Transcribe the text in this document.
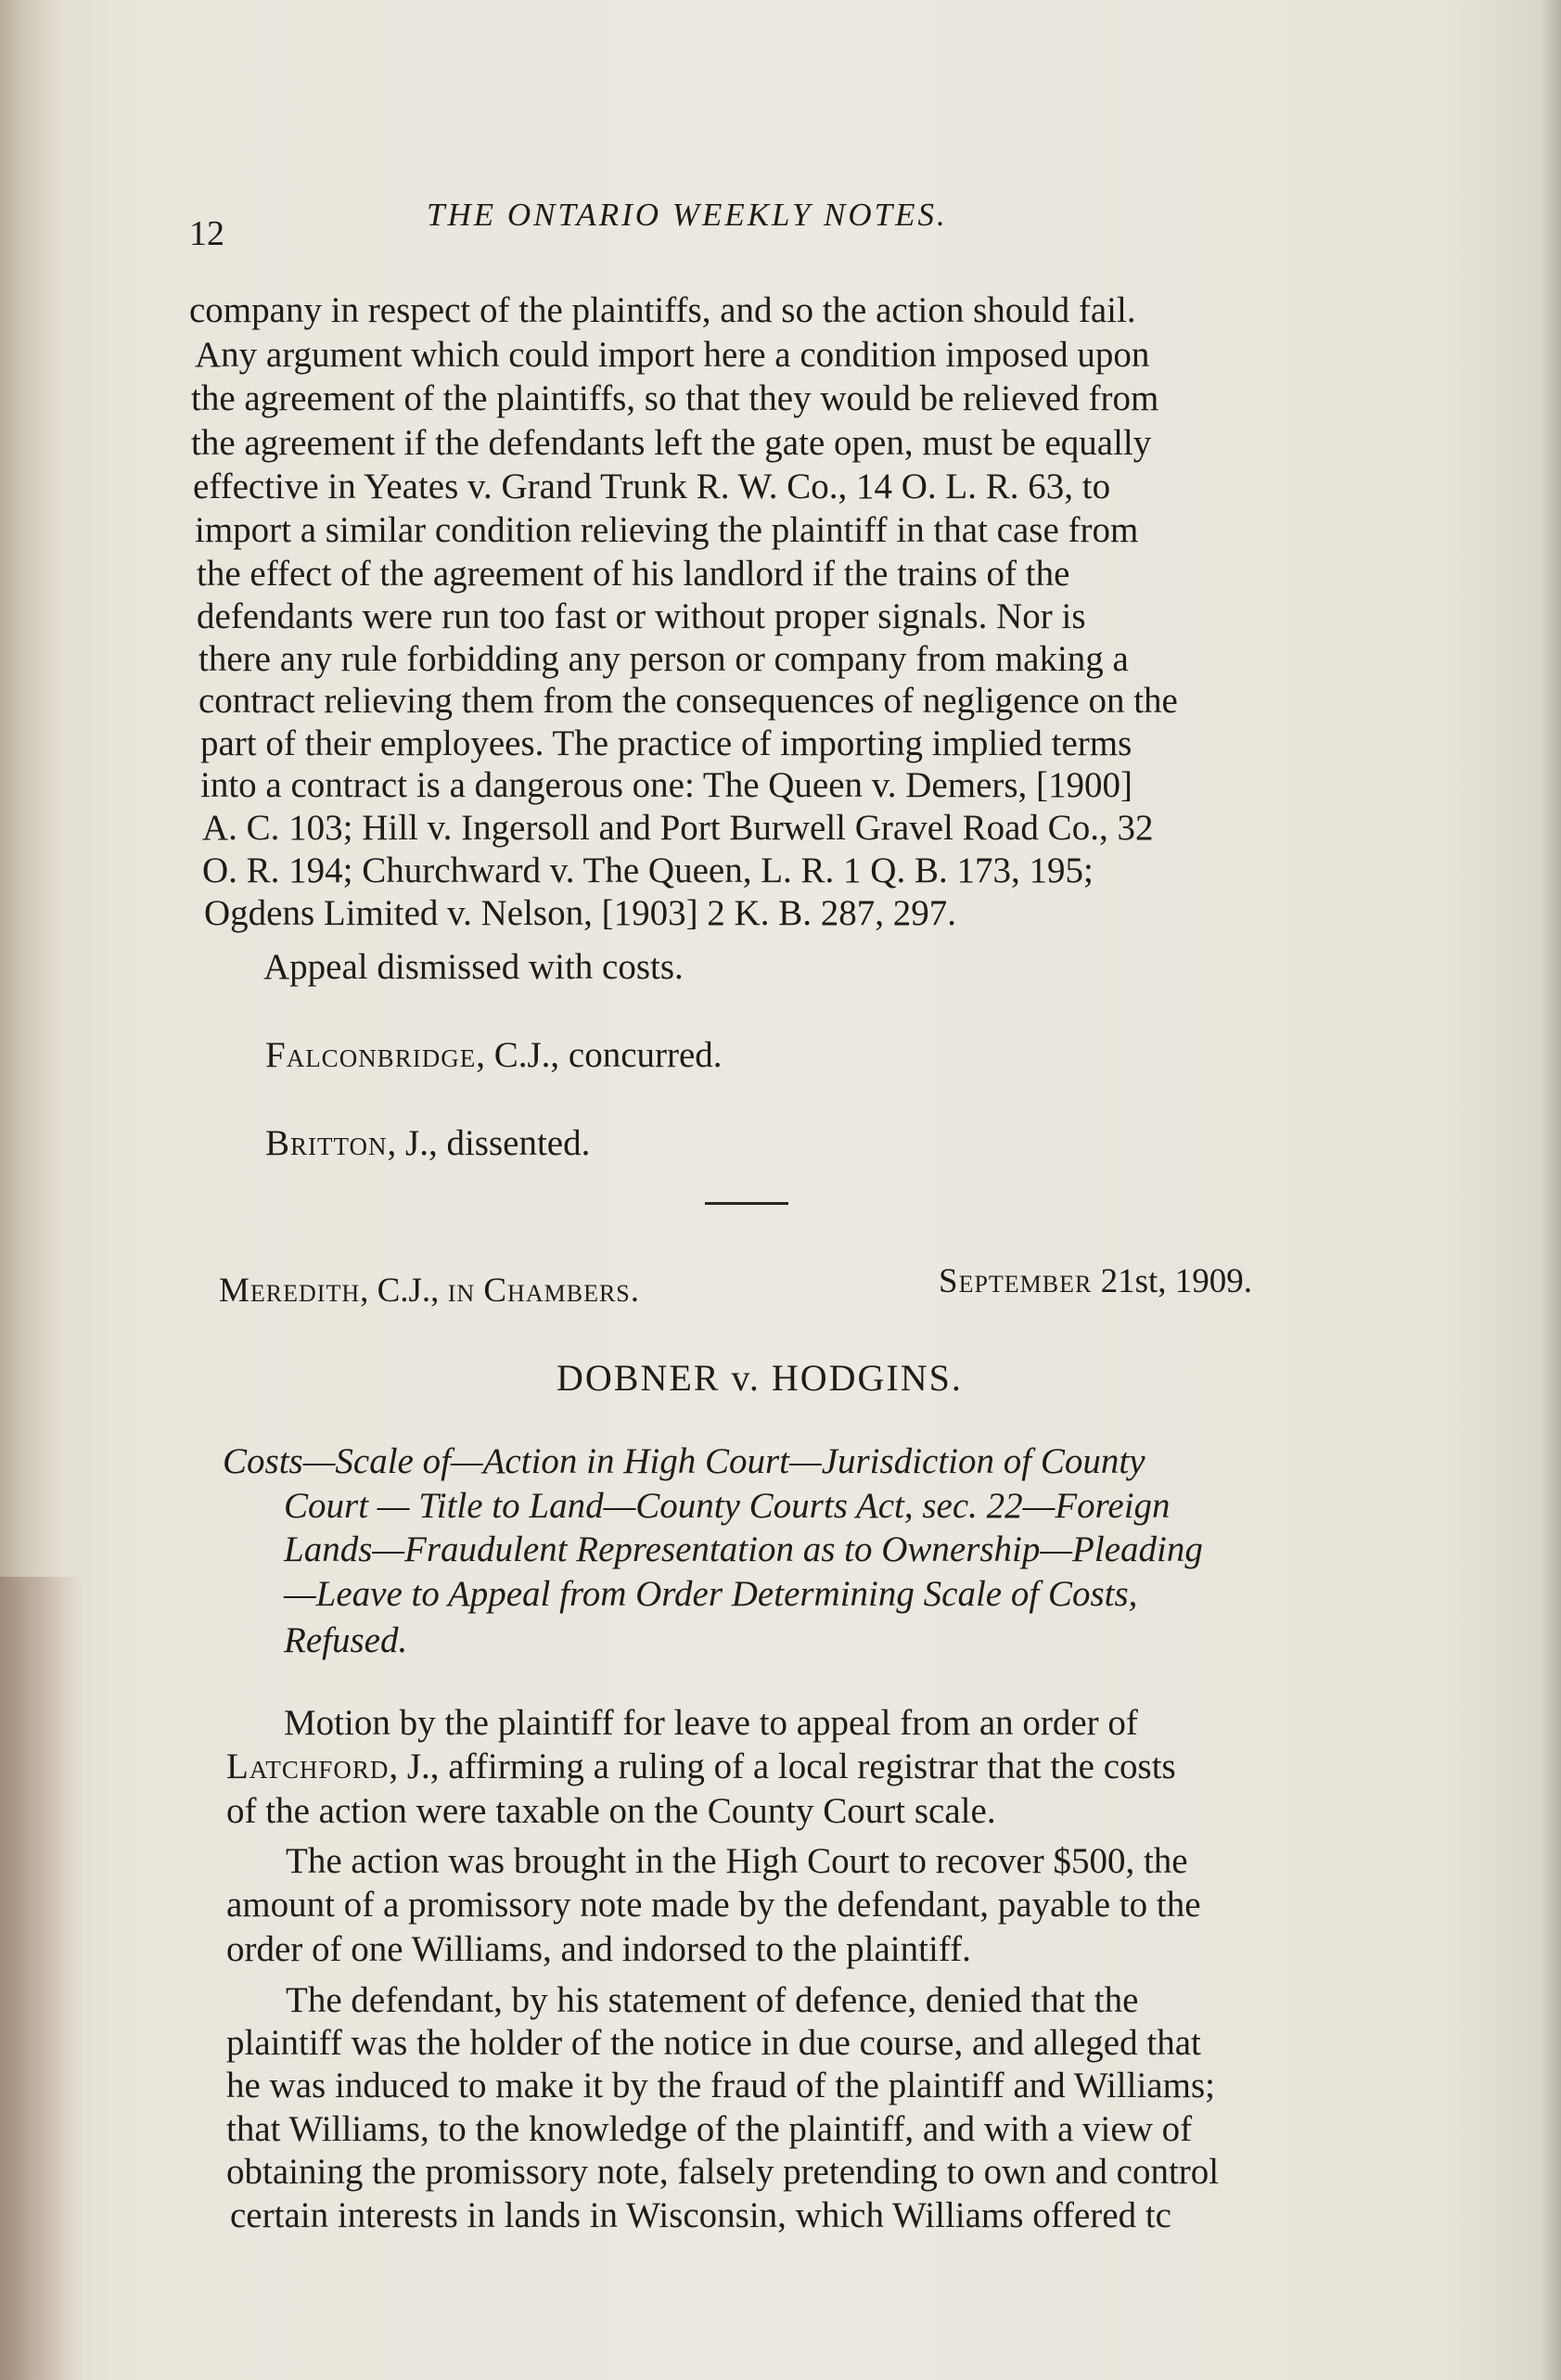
12	THE ONTARIO WEEKLY NOTES.
company in respect of the plaintiffs, and so the action should fail.
Any argument which could import here a condition imposed upon
the agreement of the plaintiffs, so that they would be relieved from
the agreement if the defendants left the gate open, must be equally
effective in Yeates v. Grand Trunk R. W. Co., 14 O. L. R. 63, to
import a similar condition relieving the plaintiff in that case from
the effect of the agreement of his landlord if the trains of the
defendants were run too fast or without proper signals. Nor is
there any rule forbidding any person or company from making a
contract relieving them from the consequences of negligence on the
part of their employees. The practice of importing implied terms
into a contract is a dangerous one: The Queen v. Demers, [1900]
A. C. 103; Hill v. Ingersoll and Port Burwell Gravel Road Co., 32
O. R. 194; Churchward v. The Queen, L. R. 1 Q. B. 173, 195;
Ogdens Limited v. Nelson, [1903] 2 K. B. 287, 297.
Appeal dismissed with costs.
Falconbridge, C.J., concurred.
Britton, J., dissented.
Meredith, C.J., in Chambers.	September 21st, 1909.
DOBNER v. HODGINS.
Costs—Scale of—Action in High Court—Jurisdiction of County
Court — Title to Land—County Courts Act, sec. 22—Foreign
Lands—Fraudulent Representation as to Ownership—Pleading
—Leave to Appeal from Order Determining Scale of Costs,
Refused.
Motion by the plaintiff for leave to appeal from an order of
Latchford, J., affirming a ruling of a local registrar that the costs
of the action were taxable on the County Court scale.
The action was brought in the High Court to recover $500, the
amount of a promissory note made by the defendant, payable to the
order of one Williams, and indorsed to the plaintiff.
The defendant, by his statement of defence, denied that the
plaintiff was the holder of the notice in due course, and alleged that
he was induced to make it by the fraud of the plaintiff and Williams;
that Williams, to the knowledge of the plaintiff, and with a view of
obtaining the promissory note, falsely pretending to own and control
certain interests in lands in Wisconsin, which Williams offered tc
